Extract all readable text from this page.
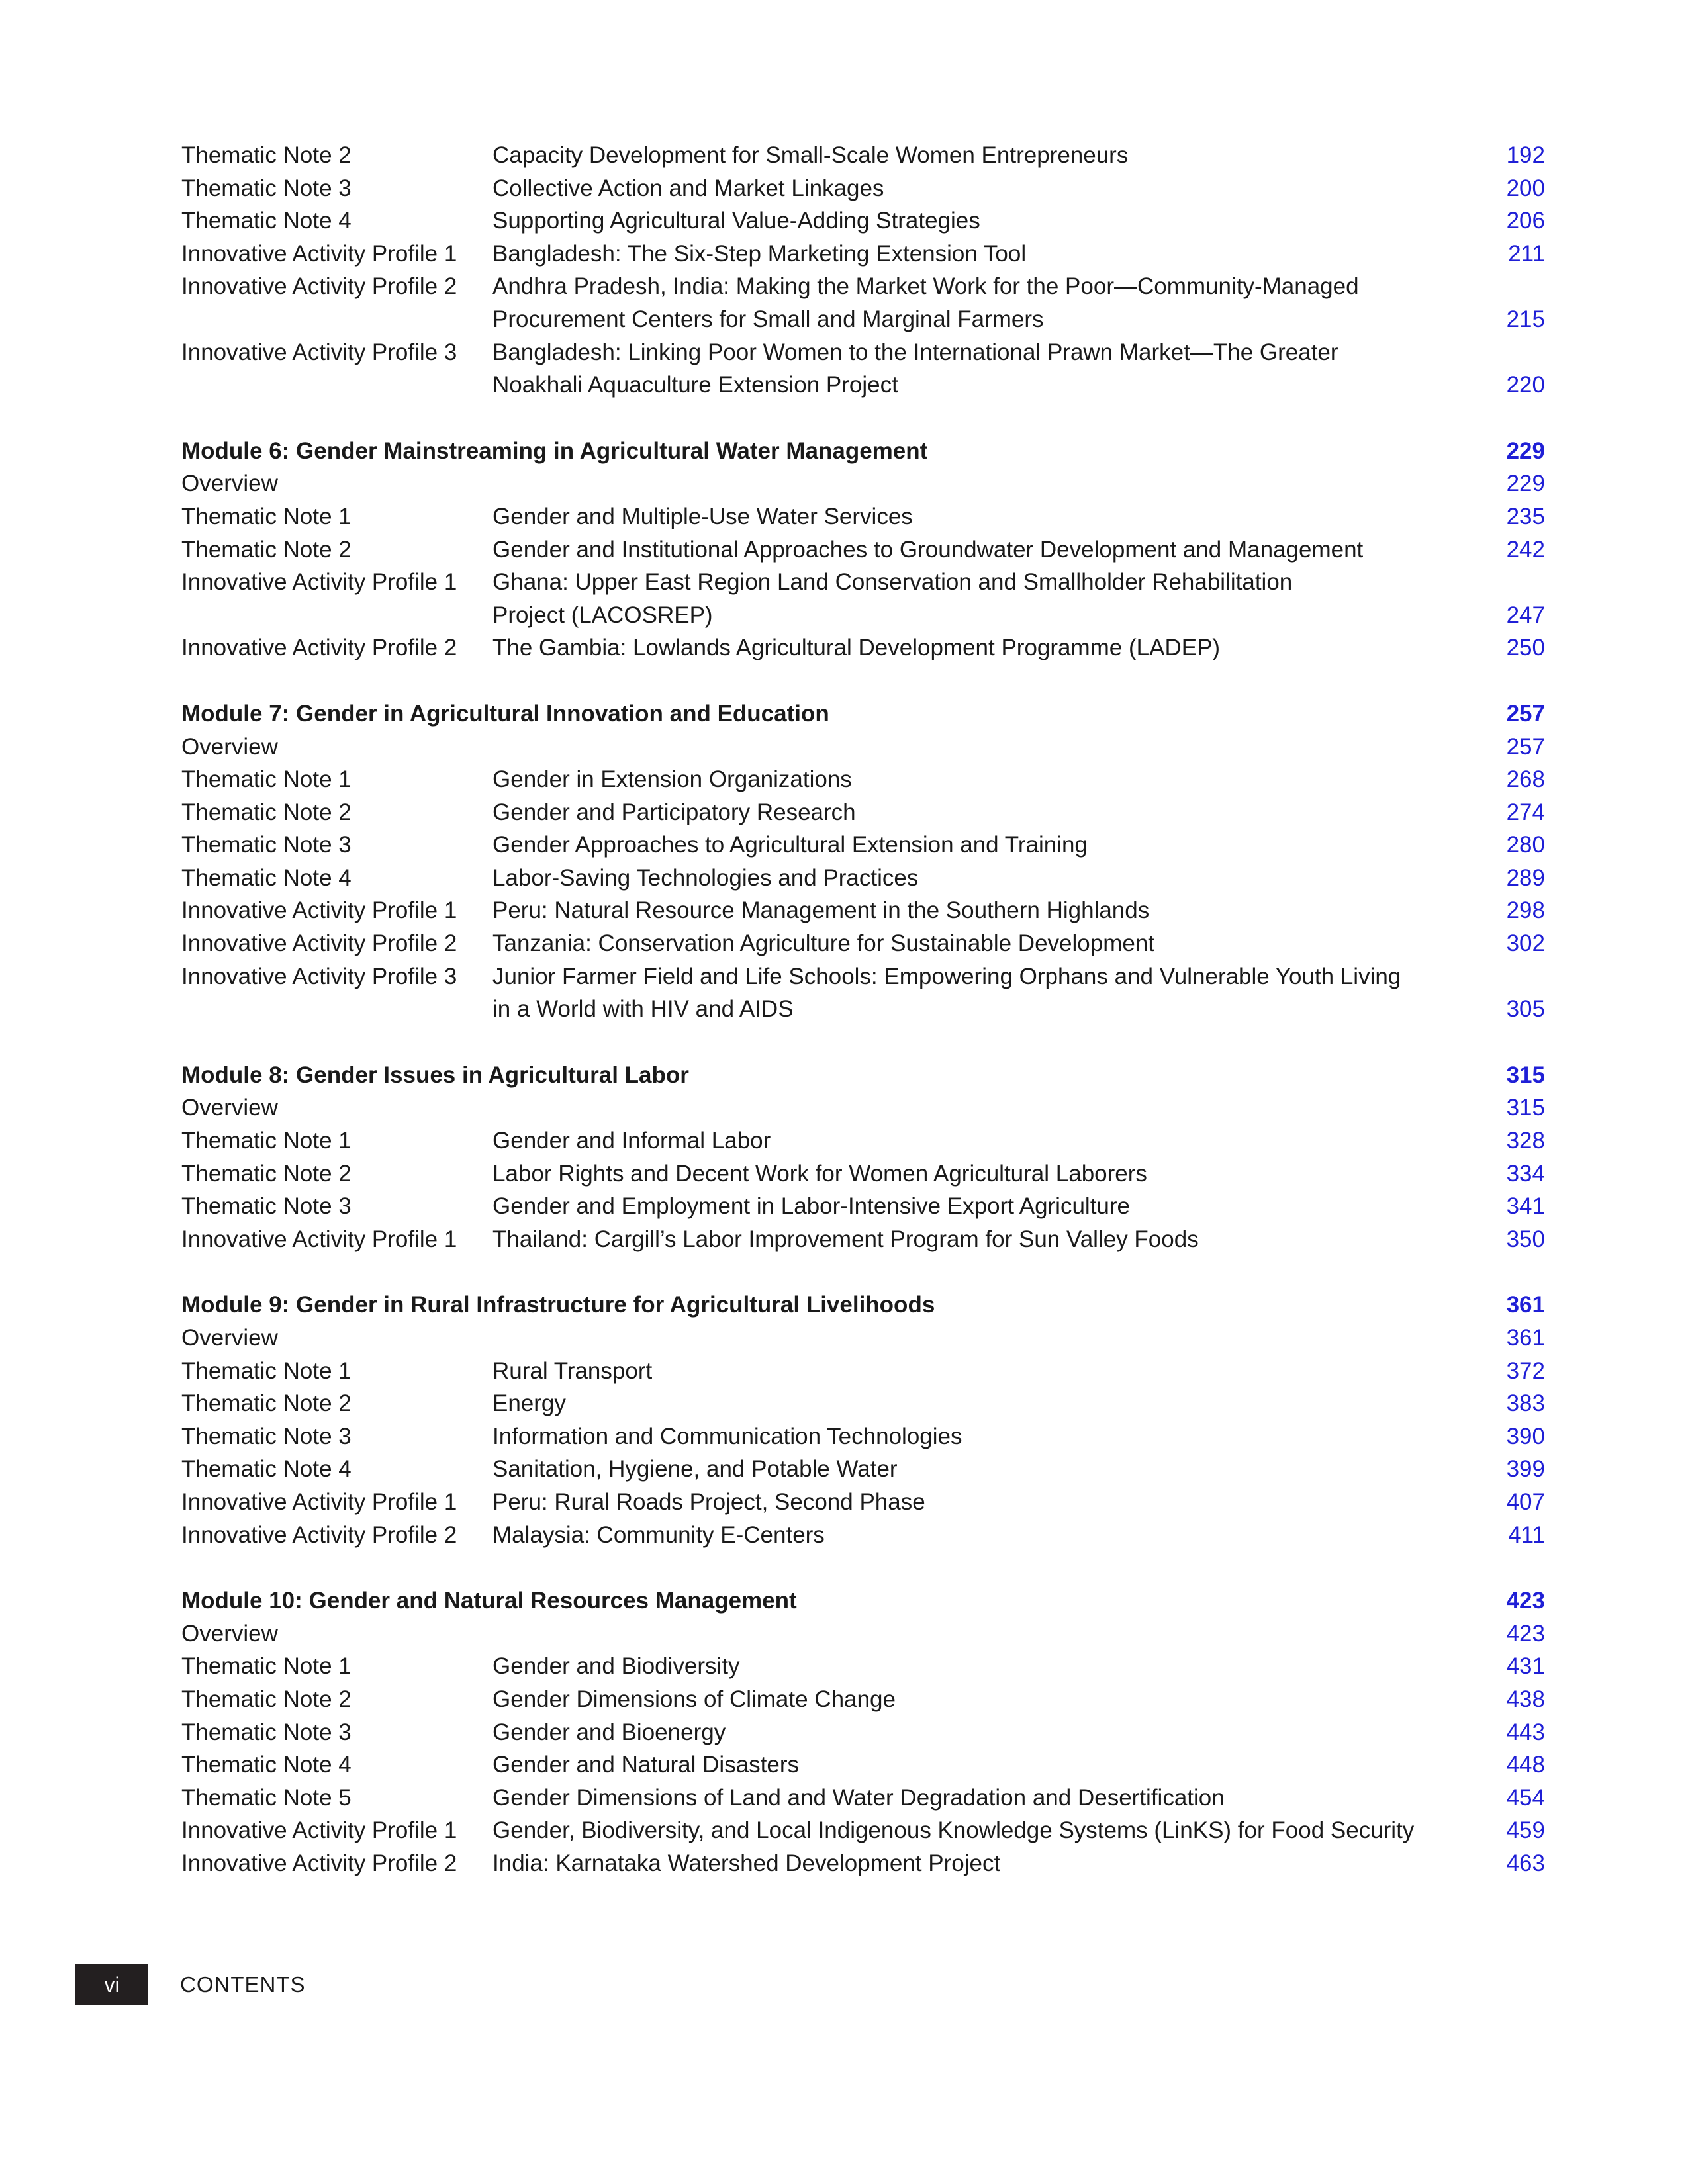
Thematic Note 2	Capacity Development for Small-Scale Women Entrepreneurs	192
Thematic Note 3	Collective Action and Market Linkages	200
Thematic Note 4	Supporting Agricultural Value-Adding Strategies	206
Innovative Activity Profile 1	Bangladesh: The Six-Step Marketing Extension Tool	211
Innovative Activity Profile 2	Andhra Pradesh, India: Making the Market Work for the Poor—Community-Managed
Procurement Centers for Small and Marginal Farmers	215
Innovative Activity Profile 3	Bangladesh: Linking Poor Women to the International Prawn Market—The Greater
Noakhali Aquaculture Extension Project	220
Module 6: Gender Mainstreaming in Agricultural Water Management	229
Overview	229
Thematic Note 1	Gender and Multiple-Use Water Services	235
Thematic Note 2	Gender and Institutional Approaches to Groundwater Development and Management	242
Innovative Activity Profile 1	Ghana: Upper East Region Land Conservation and Smallholder Rehabilitation
Project (LACOSREP)	247
Innovative Activity Profile 2	The Gambia: Lowlands Agricultural Development Programme (LADEP)	250
Module 7: Gender in Agricultural Innovation and Education	257
Overview	257
Thematic Note 1	Gender in Extension Organizations	268
Thematic Note 2	Gender and Participatory Research	274
Thematic Note 3	Gender Approaches to Agricultural Extension and Training	280
Thematic Note 4	Labor-Saving Technologies and Practices	289
Innovative Activity Profile 1	Peru: Natural Resource Management in the Southern Highlands	298
Innovative Activity Profile 2	Tanzania: Conservation Agriculture for Sustainable Development	302
Innovative Activity Profile 3	Junior Farmer Field and Life Schools: Empowering Orphans and Vulnerable Youth Living
in a World with HIV and AIDS	305
Module 8: Gender Issues in Agricultural Labor	315
Overview	315
Thematic Note 1	Gender and Informal Labor	328
Thematic Note 2	Labor Rights and Decent Work for Women Agricultural Laborers	334
Thematic Note 3	Gender and Employment in Labor-Intensive Export Agriculture	341
Innovative Activity Profile 1	Thailand: Cargill’s Labor Improvement Program for Sun Valley Foods	350
Module 9: Gender in Rural Infrastructure for Agricultural Livelihoods	361
Overview	361
Thematic Note 1	Rural Transport	372
Thematic Note 2	Energy	383
Thematic Note 3	Information and Communication Technologies	390
Thematic Note 4	Sanitation, Hygiene, and Potable Water	399
Innovative Activity Profile 1	Peru: Rural Roads Project, Second Phase	407
Innovative Activity Profile 2	Malaysia: Community E-Centers	411
Module 10: Gender and Natural Resources Management	423
Overview	423
Thematic Note 1	Gender and Biodiversity	431
Thematic Note 2	Gender Dimensions of Climate Change	438
Thematic Note 3	Gender and Bioenergy	443
Thematic Note 4	Gender and Natural Disasters	448
Thematic Note 5	Gender Dimensions of Land and Water Degradation and Desertification	454
Innovative Activity Profile 1	Gender, Biodiversity, and Local Indigenous Knowledge Systems (LinKS) for Food Security	459
Innovative Activity Profile 2	India: Karnataka Watershed Development Project	463
vi	CONTENTS
